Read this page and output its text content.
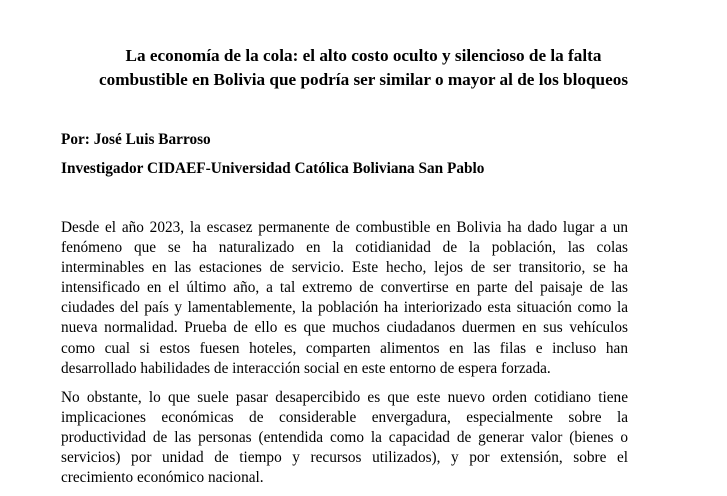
La economía de la cola: el alto costo oculto y silencioso de la falta
combustible en Bolivia que podría ser similar o mayor al de los bloqueos

Por: José Luis Barroso

Investigador CIDAEF-Universidad Católica Boliviana San Pablo

Desde el año 2023, la escasez permanente de combustible en Bolivia ha dado lugar a un
fenómeno que se ha naturalizado en la cotidianidad de la población, las colas
interminables en las estaciones de servicio. Este hecho, lejos de ser transitorio, se ha
intensificado en el último año, a tal extremo de convertirse en parte del paisaje de las
ciudades del país y lamentablemente, la población ha interiorizado esta situación como la
nueva normalidad. Prueba de ello es que muchos ciudadanos duermen en sus vehículos
como cual si estos fuesen hoteles, comparten alimentos en las filas e incluso han
desarrollado habilidades de interacción social en este entorno de espera forzada.
No obstante, lo que suele pasar desapercibido es que este nuevo orden cotidiano tiene
implicaciones económicas de considerable envergadura, especialmente sobre la
productividad de las personas (entendida como la capacidad de generar valor (bienes o
servicios) por unidad de tiempo y recursos utilizados), y por extensión, sobre el
crecimiento económico nacional.
